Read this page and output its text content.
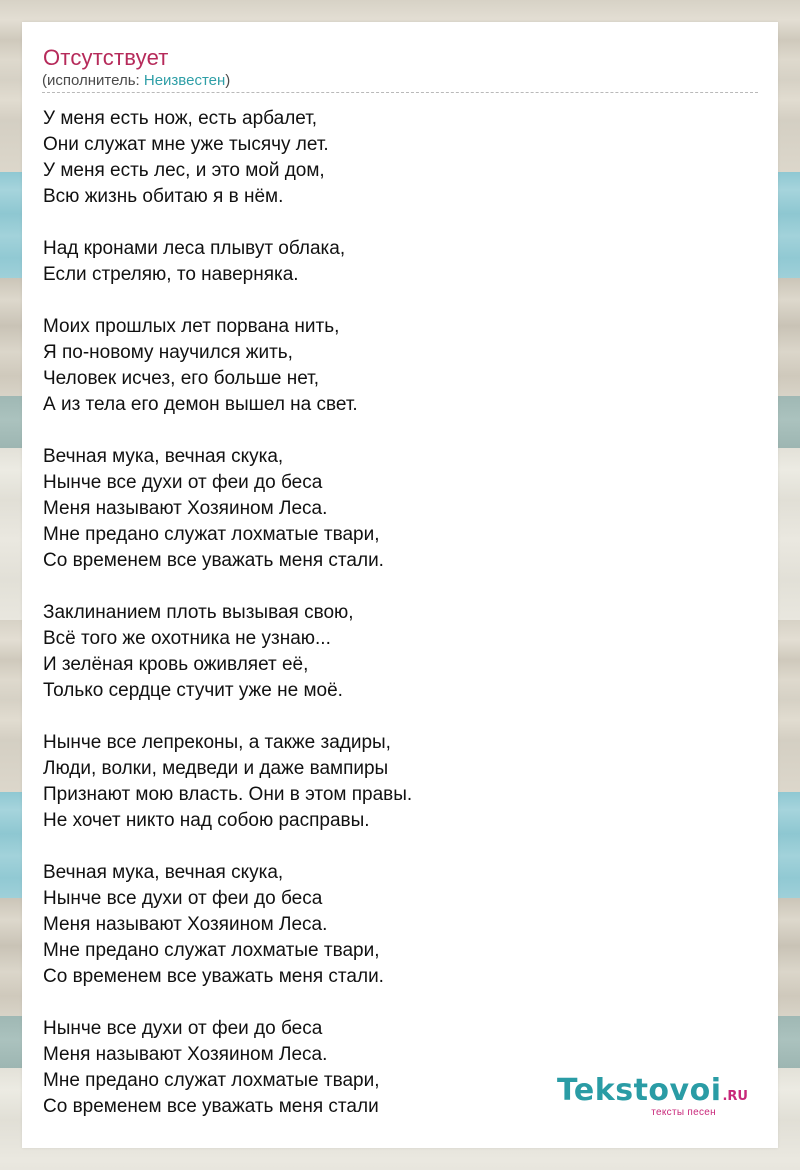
Отсутствует
(исполнитель: Неизвестен)
У меня есть нож, есть арбалет,
Они служат мне уже тысячу лет.
У меня есть лес, и это мой дом,
Всю жизнь обитаю я в нём.
Над кронами леса плывут облака,
Если стреляю, то наверняка.
Моих прошлых лет порвана нить,
Я по-новому научился жить,
Человек исчез, его больше нет,
А из тела его демон вышел на свет.
Вечная мука, вечная скука,
Нынче все духи от феи до беса
Меня называют Хозяином Леса.
Мне предано служат лохматые твари,
Со временем все уважать меня стали.
Заклинанием плоть вызывая свою,
Всё того же охотника не узнаю...
И зелёная кровь оживляет её,
Только сердце стучит уже не моё.
Нынче все лепреконы, а также задиры,
Люди, волки, медведи и даже вампиры
Признают мою власть. Они в этом правы.
Не хочет никто над собою расправы.
Вечная мука, вечная скука,
Нынче все духи от феи до беса
Меня называют Хозяином Леса.
Мне предано служат лохматые твари,
Со временем все уважать меня стали.
Нынче все духи от феи до беса
Меня называют Хозяином Леса.
Мне предано служат лохматые твари,
Со временем все уважать меня стали	Tekstovoi.RU
тексты песен
